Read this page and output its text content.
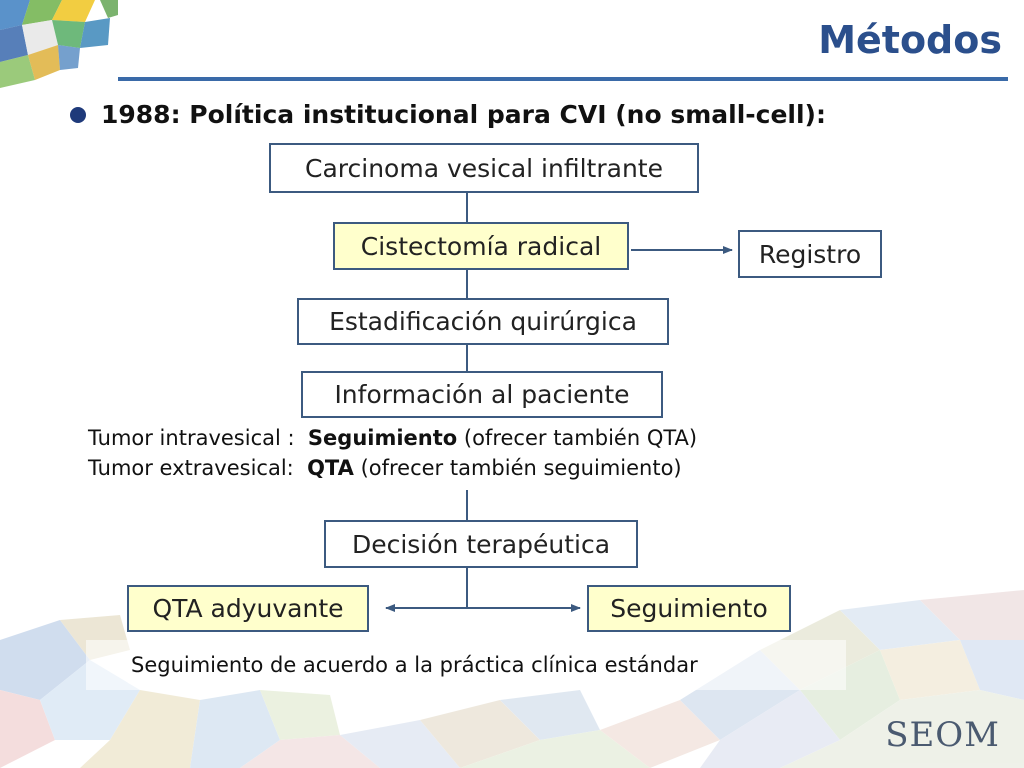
Métodos
1988: Política institucional para CVI (no small-cell):
Carcinoma vesical infiltrante
Cistectomía radical	Registro
Estadificación quirúrgica
Información al paciente
Tumor intravesical :  Seguimiento (ofrecer también QTA)
Tumor extravesical:  QTA (ofrecer también seguimiento)
Decisión terapéutica
QTA adyuvante	Seguimiento
Seguimiento de acuerdo a la práctica clínica estándar
SEOM
